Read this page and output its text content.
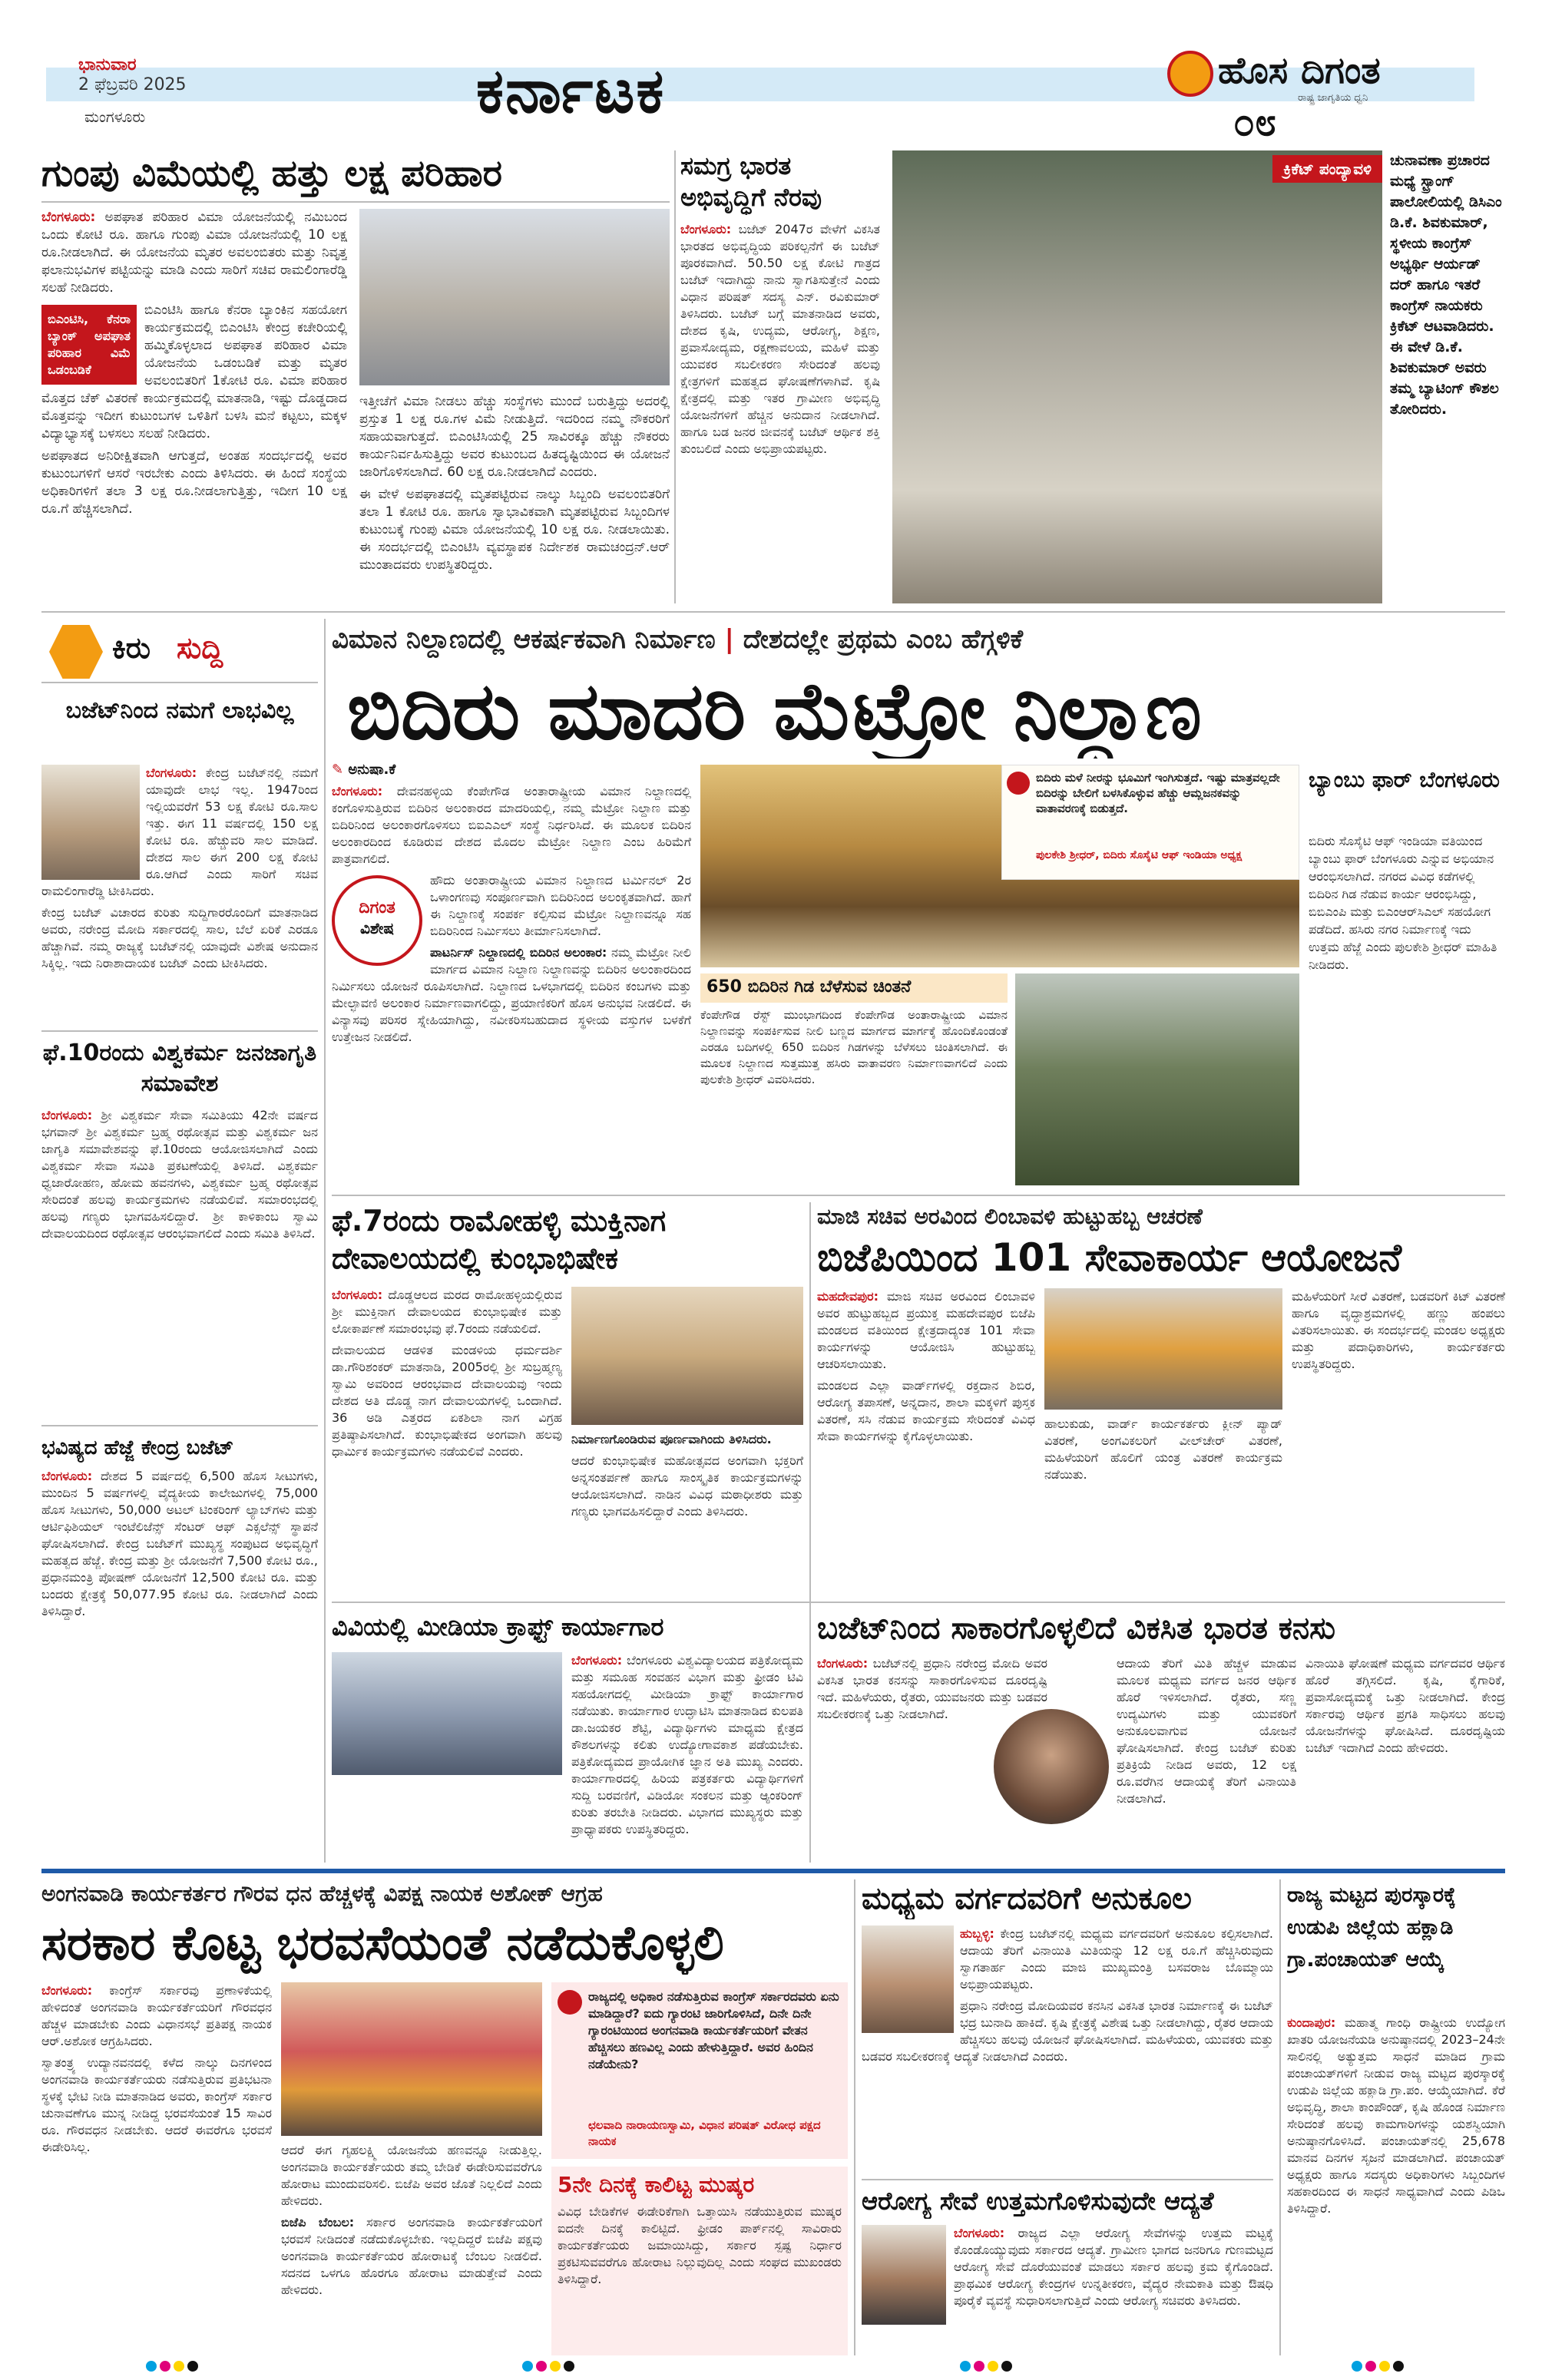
ಭಾನುವಾರ
2 ಫೆಬ್ರವರಿ 2025
ಮಂಗಳೂರು	ಕರ್ನಾಟಕ	ಹೊಸ ದಿಗಂತ
ರಾಷ್ಟ್ರ ಜಾಗೃತಿಯ ಧ್ವನಿ
೦೮
ಗುಂಪು ವಿಮೆಯಲ್ಲಿ ಹತ್ತು ಲಕ್ಷ ಪರಿಹಾರ

ಬೆಂಗಳೂರು: ಅಪಘಾತ ಪರಿಹಾರ ವಿಮಾ ಯೋಜನೆಯಲ್ಲಿ ನಮಿಬಂದ ಒಂದು ಕೋಟಿ ರೂ. ಹಾಗೂ ಗುಂಪು ವಿಮಾ ಯೋಜನೆಯಲ್ಲಿ 10 ಲಕ್ಷ ರೂ.ನೀಡಲಾಗಿದೆ. ಈ ಯೋಜನೆಯ ಮೃತರ ಅವಲಂಬಿತರು ಮತ್ತು ನಿವೃತ್ತ ಫಲಾನುಭವಿಗಳ ಪಟ್ಟಿಯನ್ನು ಮಾಡಿ ಎಂದು ಸಾರಿಗೆ ಸಚಿವ ರಾಮಲಿಂಗಾರೆಡ್ಡಿ ಸಲಹೆ ನೀಡಿದರು.

ಬಿಎಂಟಿಸಿ, ಕೆನರಾ ಬ್ಯಾಂಕ್ ಅಪಘಾತ ಪರಿಹಾರ ವಿಮೆ ಒಡಂಬಡಿಕೆ

ಬಿಎಂಟಿಸಿ ಹಾಗೂ ಕೆನರಾ ಬ್ಯಾಂಕಿನ ಸಹಯೋಗ ಕಾರ್ಯಕ್ರಮದಲ್ಲಿ ಬಿಎಂಟಿಸಿ ಕೇಂದ್ರ ಕಚೇರಿಯಲ್ಲಿ ಹಮ್ಮಿಕೊಳ್ಳಲಾದ ಅಪಘಾತ ಪರಿಹಾರ ವಿಮಾ ಯೋಜನೆಯ ಒಡಂಬಡಿಕೆ ಮತ್ತು ಮೃತರ ಅವಲಂಬಿತರಿಗೆ 1ಕೋಟಿ ರೂ. ವಿಮಾ ಪರಿಹಾರ ಮೊತ್ತದ ಚೆಕ್ ವಿತರಣೆ ಕಾರ್ಯಕ್ರಮದಲ್ಲಿ ಮಾತನಾಡಿ, ಇಷ್ಟು ದೊಡ್ಡದಾದ ಮೊತ್ತವನ್ನು ಇದೀಗ ಕುಟುಂಬಗಳ ಒಳಿತಿಗೆ ಬಳಸಿ ಮನೆ ಕಟ್ಟಲು, ಮಕ್ಕಳ ವಿದ್ಯಾಭ್ಯಾಸಕ್ಕೆ ಬಳಸಲು ಸಲಹೆ ನೀಡಿದರು.

ಅಪಘಾತದ ಅನಿರೀಕ್ಷಿತವಾಗಿ ಆಗುತ್ತದೆ, ಅಂತಹ ಸಂದರ್ಭದಲ್ಲಿ ಅವರ ಕುಟುಂಬಗಳಿಗೆ ಆಸರೆ ಇರಬೇಕು ಎಂದು ತಿಳಿಸಿದರು. ಈ ಹಿಂದೆ ಸಂಸ್ಥೆಯ ಅಧಿಕಾರಿಗಳಿಗೆ ತಲಾ 3 ಲಕ್ಷ ರೂ.ನೀಡಲಾಗುತ್ತಿತ್ತು, ಇದೀಗ 10 ಲಕ್ಷ ರೂ.ಗೆ ಹೆಚ್ಚಿಸಲಾಗಿದೆ.

ಇತ್ತೀಚೆಗೆ ವಿಮಾ ನೀಡಲು ಹೆಚ್ಚು ಸಂಸ್ಥೆಗಳು ಮುಂದೆ ಬರುತ್ತಿದ್ದು ಅದರಲ್ಲಿ ಪ್ರಸ್ತುತ 1 ಲಕ್ಷ ರೂ.ಗಳ ವಿಮೆ ನೀಡುತ್ತಿದೆ. ಇದರಿಂದ ನಮ್ಮ ನೌಕರರಿಗೆ ಸಹಾಯವಾಗುತ್ತದೆ. ಬಿಎಂಟಿಸಿಯಲ್ಲಿ 25 ಸಾವಿರಕ್ಕೂ ಹೆಚ್ಚು ನೌಕರರು ಕಾರ್ಯನಿರ್ವಹಿಸುತ್ತಿದ್ದು ಅವರ ಕುಟುಂಬದ ಹಿತದೃಷ್ಟಿಯಿಂದ ಈ ಯೋಜನೆ ಜಾರಿಗೊಳಿಸಲಾಗಿದೆ. 60 ಲಕ್ಷ ರೂ.ನೀಡಲಾಗಿದೆ ಎಂದರು.

ಈ ವೇಳೆ ಅಪಘಾತದಲ್ಲಿ ಮೃತಪಟ್ಟಿರುವ ನಾಲ್ಕು ಸಿಬ್ಬಂದಿ ಅವಲಂಬಿತರಿಗೆ ತಲಾ 1 ಕೋಟಿ ರೂ. ಹಾಗೂ ಸ್ವಾಭಾವಿಕವಾಗಿ ಮೃತಪಟ್ಟಿರುವ ಸಿಬ್ಬಂದಿಗಳ ಕುಟುಂಬಕ್ಕೆ ಗುಂಪು ವಿಮಾ ಯೋಜನೆಯಲ್ಲಿ 10 ಲಕ್ಷ ರೂ. ನೀಡಲಾಯಿತು. ಈ ಸಂದರ್ಭದಲ್ಲಿ ಬಿಎಂಟಿಸಿ ವ್ಯವಸ್ಥಾಪಕ ನಿರ್ದೇಶಕ ರಾಮಚಂದ್ರನ್.ಆರ್ ಮುಂತಾದವರು ಉಪಸ್ಥಿತರಿದ್ದರು.

ಸಮಗ್ರ ಭಾರತ ಅಭಿವೃದ್ಧಿಗೆ ನೆರವು
ಬೆಂಗಳೂರು: ಬಜೆಟ್ 2047ರ ವೇಳೆಗೆ ವಿಕಸಿತ ಭಾರತದ ಅಭಿವೃದ್ಧಿಯ ಪರಿಕಲ್ಪನೆಗೆ ಈ ಬಜೆಟ್ ಪೂರಕವಾಗಿದೆ. 50.50 ಲಕ್ಷ ಕೋಟಿ ಗಾತ್ರದ ಬಜೆಟ್ ಇದಾಗಿದ್ದು ನಾನು ಸ್ವಾಗತಿಸುತ್ತೇನೆ ಎಂದು ವಿಧಾನ ಪರಿಷತ್ ಸದಸ್ಯ ಎನ್. ರವಿಕುಮಾರ್ ತಿಳಿಸಿದರು. ಬಜೆಟ್ ಬಗ್ಗೆ ಮಾತನಾಡಿದ ಅವರು, ದೇಶದ ಕೃಷಿ, ಉದ್ಯಮ, ಆರೋಗ್ಯ, ಶಿಕ್ಷಣ, ಪ್ರವಾಸೋದ್ಯಮ, ರಕ್ಷಣಾವಲಯ, ಮಹಿಳೆ ಮತ್ತು ಯುವಕರ ಸಬಲೀಕರಣ ಸೇರಿದಂತೆ ಹಲವು ಕ್ಷೇತ್ರಗಳಿಗೆ ಮಹತ್ವದ ಘೋಷಣೆಗಳಾಗಿವೆ. ಕೃಷಿ ಕ್ಷೇತ್ರದಲ್ಲಿ ಮತ್ತು ಇತರ ಗ್ರಾಮೀಣ ಅಭಿವೃದ್ಧಿ ಯೋಜನೆಗಳಿಗೆ ಹೆಚ್ಚಿನ ಅನುದಾನ ನೀಡಲಾಗಿದೆ. ಹಾಗೂ ಬಡ ಜನರ ಜೀವನಕ್ಕೆ ಬಜೆಟ್ ಆರ್ಥಿಕ ಶಕ್ತಿ ತುಂಬಲಿದೆ ಎಂದು ಅಭಿಪ್ರಾಯಪಟ್ಟರು.
ಕ್ರಿಕೆಟ್ ಪಂದ್ಯಾವಳಿ	ಚುನಾವಣಾ ಪ್ರಚಾರದ ಮಧ್ಯೆ ಸ್ಟ್ರಾಂಗ್ ಪಾಲೋಲಿಯಲ್ಲಿ ಡಿಸಿಎಂ ಡಿ.ಕೆ. ಶಿವಕುಮಾರ್, ಸ್ಥಳೀಯ ಕಾಂಗ್ರೆಸ್ ಅಭ್ಯರ್ಥಿ ಆರ್ಯಡ್ ದರ್ ಹಾಗೂ ಇತರೆ ಕಾಂಗ್ರೆಸ್ ನಾಯಕರು ಕ್ರಿಕೆಟ್ ಆಟವಾಡಿದರು. ಈ ವೇಳೆ ಡಿ.ಕೆ. ಶಿವಕುಮಾರ್ ಅವರು ತಮ್ಮ ಬ್ಯಾಟಿಂಗ್ ಕೌಶಲ ತೋರಿದರು.
ಕಿರು ಸುದ್ದಿ
ಬಜೆಟ್‌ನಿಂದ ನಮಗೆ ಲಾಭವಿಲ್ಲ

ಬೆಂಗಳೂರು: ಕೇಂದ್ರ ಬಜೆಟ್‌ನಲ್ಲಿ ನಮಗೆ ಯಾವುದೇ ಲಾಭ ಇಲ್ಲ. 1947ರಿಂದ ಇಲ್ಲಿಯವರೆಗೆ 53 ಲಕ್ಷ ಕೋಟಿ ರೂ.ಸಾಲ ಇತ್ತು. ಈಗ 11 ವರ್ಷದಲ್ಲಿ 150 ಲಕ್ಷ ಕೋಟಿ ರೂ. ಹೆಚ್ಚುವರಿ ಸಾಲ ಮಾಡಿದೆ. ದೇಶದ ಸಾಲ ಈಗ 200 ಲಕ್ಷ ಕೋಟಿ ರೂ.ಆಗಿದೆ ಎಂದು ಸಾರಿಗೆ ಸಚಿವ ರಾಮಲಿಂಗಾರೆಡ್ಡಿ ಟೀಕಿಸಿದರು.

ಕೇಂದ್ರ ಬಜೆಟ್ ವಿಚಾರದ ಕುರಿತು ಸುದ್ದಿಗಾರರೊಂದಿಗೆ ಮಾತನಾಡಿದ ಅವರು, ನರೇಂದ್ರ ಮೋದಿ ಸರ್ಕಾರದಲ್ಲಿ ಸಾಲ, ಬೆಲೆ ಏರಿಕೆ ಎರಡೂ ಹೆಚ್ಚಾಗಿವೆ. ನಮ್ಮ ರಾಜ್ಯಕ್ಕೆ ಬಜೆಟ್‌ನಲ್ಲಿ ಯಾವುದೇ ವಿಶೇಷ ಅನುದಾನ ಸಿಕ್ಕಿಲ್ಲ. ಇದು ನಿರಾಶಾದಾಯಕ ಬಜೆಟ್ ಎಂದು ಟೀಕಿಸಿದರು.

ಫೆ.10ರಂದು ವಿಶ್ವಕರ್ಮ ಜನಜಾಗೃತಿ ಸಮಾವೇಶ
ಬೆಂಗಳೂರು: ಶ್ರೀ ವಿಶ್ವಕರ್ಮ ಸೇವಾ ಸಮಿತಿಯು 42ನೇ ವರ್ಷದ ಭಗವಾನ್ ಶ್ರೀ ವಿಶ್ವಕರ್ಮ ಬ್ರಹ್ಮ ರಥೋತ್ಸವ ಮತ್ತು ವಿಶ್ವಕರ್ಮ ಜನ ಜಾಗೃತಿ ಸಮಾವೇಶವನ್ನು ಫೆ.10ರಂದು ಆಯೋಜಿಸಲಾಗಿದೆ ಎಂದು ವಿಶ್ವಕರ್ಮ ಸೇವಾ ಸಮಿತಿ ಪ್ರಕಟಣೆಯಲ್ಲಿ ತಿಳಿಸಿದೆ. ವಿಶ್ವಕರ್ಮ ಧ್ವಜಾರೋಹಣ, ಹೋಮ ಹವನಗಳು, ವಿಶ್ವಕರ್ಮ ಬ್ರಹ್ಮ ರಥೋತ್ಸವ ಸೇರಿದಂತೆ ಹಲವು ಕಾರ್ಯಕ್ರಮಗಳು ನಡೆಯಲಿವೆ. ಸಮಾರಂಭದಲ್ಲಿ ಹಲವು ಗಣ್ಯರು ಭಾಗವಹಿಸಲಿದ್ದಾರೆ. ಶ್ರೀ ಕಾಳಿಕಾಂಬ ಸ್ವಾಮಿ ದೇವಾಲಯದಿಂದ ರಥೋತ್ಸವ ಆರಂಭವಾಗಲಿದೆ ಎಂದು ಸಮಿತಿ ತಿಳಿಸಿದೆ.
ಭವಿಷ್ಯದ ಹೆಜ್ಜೆ ಕೇಂದ್ರ ಬಜೆಟ್
ಬೆಂಗಳೂರು: ದೇಶದ 5 ವರ್ಷದಲ್ಲಿ 6,500 ಹೊಸ ಸೀಟುಗಳು, ಮುಂದಿನ 5 ವರ್ಷಗಳಲ್ಲಿ ವೈದ್ಯಕೀಯ ಕಾಲೇಜುಗಳಲ್ಲಿ 75,000 ಹೊಸ ಸೀಟುಗಳು, 50,000 ಅಟಲ್ ಟಿಂಕರಿಂಗ್ ಲ್ಯಾಬ್‌ಗಳು ಮತ್ತು ಆರ್ಟಿಫಿಶಿಯಲ್ ಇಂಟೆಲಿಜೆನ್ಸ್ ಸೆಂಟರ್ ಆಫ್ ಎಕ್ಸಲೆನ್ಸ್ ಸ್ಥಾಪನೆ ಘೋಷಿಸಲಾಗಿದೆ. ಕೇಂದ್ರ ಬಜೆಟ್‌ಗೆ ಮುಖ್ಯಸ್ಥ ಸಂಪುಟದ ಅಭಿವೃದ್ಧಿಗೆ ಮಹತ್ವದ ಹೆಜ್ಜೆ. ಕೇಂದ್ರ ಮತ್ತು ಶ್ರೀ ಯೋಜನೆಗೆ 7,500 ಕೋಟಿ ರೂ., ಪ್ರಧಾನಮಂತ್ರಿ ಪೋಷಣ್ ಯೋಜನೆಗೆ 12,500 ಕೋಟಿ ರೂ. ಮತ್ತು ಬಂದರು ಕ್ಷೇತ್ರಕ್ಕೆ 50,077.95 ಕೋಟಿ ರೂ. ನೀಡಲಾಗಿದೆ ಎಂದು ತಿಳಿಸಿದ್ದಾರೆ.
ವಿಮಾನ ನಿಲ್ದಾಣದಲ್ಲಿ ಆಕರ್ಷಕವಾಗಿ ನಿರ್ಮಾಣ | ದೇಶದಲ್ಲೇ ಪ್ರಥಮ ಎಂಬ ಹೆಗ್ಗಳಿಕೆ
ಬಿದಿರು ಮಾದರಿ ಮೆಟ್ರೋ ನಿಲ್ದಾಣ
✎ ಅನುಷಾ.ಕೆ

ಬೆಂಗಳೂರು: ದೇವನಹಳ್ಳಿಯ ಕೆಂಪೇಗೌಡ ಅಂತಾರಾಷ್ಟ್ರೀಯ ವಿಮಾನ ನಿಲ್ದಾಣದಲ್ಲಿ ಕಂಗೊಳಿಸುತ್ತಿರುವ ಬಿದಿರಿನ ಅಲಂಕಾರದ ಮಾದರಿಯಲ್ಲಿ, ನಮ್ಮ ಮೆಟ್ರೋ ನಿಲ್ದಾಣ ಮತ್ತು ಬಿದಿರಿನಿಂದ ಅಲಂಕಾರಗೊಳಿಸಲು ಬಿಐಎಎಲ್ ಸಂಸ್ಥೆ ನಿರ್ಧರಿಸಿದೆ. ಈ ಮೂಲಕ ಬಿದಿರಿನ ಅಲಂಕಾರದಿಂದ ಕೂಡಿರುವ ದೇಶದ ಮೊದಲ ಮೆಟ್ರೋ ನಿಲ್ದಾಣ ಎಂಬ ಹಿರಿಮೆಗೆ ಪಾತ್ರವಾಗಲಿದೆ.

ದಿಗಂತ
ವಿಶೇಷ

ಹೌದು ಅಂತಾರಾಷ್ಟ್ರೀಯ ವಿಮಾನ ನಿಲ್ದಾಣದ ಟರ್ಮಿನಲ್ 2ರ ಒಳಾಂಗಣವು ಸಂಪೂರ್ಣವಾಗಿ ಬಿದಿರಿನಿಂದ ಅಲಂಕೃತವಾಗಿದೆ. ಹಾಗೆ ಈ ನಿಲ್ದಾಣಕ್ಕೆ ಸಂಪರ್ಕ ಕಲ್ಪಿಸುವ ಮೆಟ್ರೋ ನಿಲ್ದಾಣವನ್ನೂ ಸಹ ಬಿದಿರಿನಿಂದ ನಿರ್ಮಿಸಲು ತೀರ್ಮಾನಿಸಲಾಗಿದೆ.

ಪಾಟರ್ನಿಸ್ ನಿಲ್ದಾಣದಲ್ಲಿ ಬಿದಿರಿನ ಅಲಂಕಾರ: ನಮ್ಮ ಮೆಟ್ರೋ ನೀಲಿ ಮಾರ್ಗದ ವಿಮಾನ ನಿಲ್ದಾಣ ನಿಲ್ದಾಣವನ್ನು ಬಿದಿರಿನ ಅಲಂಕಾರದಿಂದ ನಿರ್ಮಿಸಲು ಯೋಜನೆ ರೂಪಿಸಲಾಗಿದೆ. ನಿಲ್ದಾಣದ ಒಳಭಾಗದಲ್ಲಿ ಬಿದಿರಿನ ಕಂಬಗಳು ಮತ್ತು ಮೇಲ್ಛಾವಣಿ ಅಲಂಕಾರ ನಿರ್ಮಾಣವಾಗಲಿದ್ದು, ಪ್ರಯಾಣಿಕರಿಗೆ ಹೊಸ ಅನುಭವ ನೀಡಲಿದೆ. ಈ ವಿನ್ಯಾಸವು ಪರಿಸರ ಸ್ನೇಹಿಯಾಗಿದ್ದು, ನವೀಕರಿಸಬಹುದಾದ ಸ್ಥಳೀಯ ವಸ್ತುಗಳ ಬಳಕೆಗೆ ಉತ್ತೇಜನ ನೀಡಲಿದೆ.

ಬಿದಿರು ಮಳೆ ನೀರನ್ನು ಭೂಮಿಗೆ ಇಂಗಿಸುತ್ತದೆ. ಇಷ್ಟು ಮಾತ್ರವಲ್ಲದೇ ಬಿದಿರನ್ನು ಬೇಲಿಗೆ ಬಳಸಿಕೊಳ್ಳುವ ಹೆಚ್ಚು ಆಮ್ಲಜನಕವನ್ನು ವಾತಾವರಣಕ್ಕೆ ಬಿಡುತ್ತದೆ.
ಪುಲಕೇಶಿ ಶ್ರೀಧರ್, ಬಿದಿರು ಸೊಸೈಟಿ ಆಫ್ ಇಂಡಿಯಾ ಅಧ್ಯಕ್ಷ
650 ಬಿದಿರಿನ ಗಿಡ ಬೆಳೆಸುವ ಚಿಂತನೆ
ಕೆಂಪೇಗೌಡ ರೆಸ್ಟ್ ಮುಂಭಾಗದಿಂದ ಕೆಂಪೇಗೌಡ ಅಂತಾರಾಷ್ಟ್ರೀಯ ವಿಮಾನ ನಿಲ್ದಾಣವನ್ನು ಸಂಪರ್ಕಿಸುವ ನೀಲಿ ಬಣ್ಣದ ಮಾರ್ಗದ ಮಾರ್ಗಕ್ಕೆ ಹೊಂದಿಕೊಂಡಂತೆ ಎರಡೂ ಬದಿಗಳಲ್ಲಿ 650 ಬಿದಿರಿನ ಗಿಡಗಳನ್ನು ಬೆಳೆಸಲು ಚಿಂತಿಸಲಾಗಿದೆ. ಈ ಮೂಲಕ ನಿಲ್ದಾಣದ ಸುತ್ತಮುತ್ತ ಹಸಿರು ವಾತಾವರಣ ನಿರ್ಮಾಣವಾಗಲಿದೆ ಎಂದು ಪುಲಕೇಶಿ ಶ್ರೀಧರ್ ವಿವರಿಸಿದರು.
ಬ್ಯಾಂಬು ಫಾರ್ ಬೆಂಗಳೂರು
ಬಿದಿರು ಸೊಸೈಟಿ ಆಫ್ ಇಂಡಿಯಾ ವತಿಯಿಂದ ಬ್ಯಾಂಬು ಫಾರ್ ಬೆಂಗಳೂರು ಎನ್ನುವ ಅಭಿಯಾನ ಆರಂಭಿಸಲಾಗಿದೆ. ನಗರದ ವಿವಿಧ ಕಡೆಗಳಲ್ಲಿ ಬಿದಿರಿನ ಗಿಡ ನೆಡುವ ಕಾರ್ಯ ಆರಂಭಿಸಿದ್ದು, ಬಿಬಿಎಂಪಿ ಮತ್ತು ಬಿಎಂಆರ್‌ಸಿಎಲ್ ಸಹಯೋಗ ಪಡೆದಿದೆ. ಹಸಿರು ನಗರ ನಿರ್ಮಾಣಕ್ಕೆ ಇದು ಉತ್ತಮ ಹೆಜ್ಜೆ ಎಂದು ಪುಲಕೇಶಿ ಶ್ರೀಧರ್ ಮಾಹಿತಿ ನೀಡಿದರು.
ಫೆ.7ರಂದು ರಾಮೋಹಳ್ಳಿ ಮುಕ್ತಿನಾಗ ದೇವಾಲಯದಲ್ಲಿ ಕುಂಭಾಭಿಷೇಕ

ಬೆಂಗಳೂರು: ದೊಡ್ಡಆಲದ ಮರದ ರಾಮೋಹಳ್ಳಿಯಲ್ಲಿರುವ ಶ್ರೀ ಮುಕ್ತಿನಾಗ ದೇವಾಲಯದ ಕುಂಭಾಭಿಷೇಕ ಮತ್ತು ಲೋಕಾರ್ಪಣೆ ಸಮಾರಂಭವು ಫೆ.7ರಂದು ನಡೆಯಲಿದೆ.

ದೇವಾಲಯದ ಆಡಳಿತ ಮಂಡಳಿಯ ಧರ್ಮದರ್ಶಿ ಡಾ.ಗೌರಿಶಂಕರ್ ಮಾತನಾಡಿ, 2005ರಲ್ಲಿ ಶ್ರೀ ಸುಬ್ರಹ್ಮಣ್ಯ ಸ್ವಾಮಿ ಅವರಿಂದ ಆರಂಭವಾದ ದೇವಾಲಯವು ಇಂದು ದೇಶದ ಅತಿ ದೊಡ್ಡ ನಾಗ ದೇವಾಲಯಗಳಲ್ಲಿ ಒಂದಾಗಿದೆ. 36 ಅಡಿ ಎತ್ತರದ ಏಕಶಿಲಾ ನಾಗ ವಿಗ್ರಹ ಪ್ರತಿಷ್ಠಾಪಿಸಲಾಗಿದೆ. ಕುಂಭಾಭಿಷೇಕದ ಅಂಗವಾಗಿ ಹಲವು ಧಾರ್ಮಿಕ ಕಾರ್ಯಕ್ರಮಗಳು ನಡೆಯಲಿವೆ ಎಂದರು.

ನಿರ್ಮಾಣಗೊಂಡಿರುವ ಪೂರ್ಣವಾಗಿಂದು ತಿಳಿಸಿದರು.

ಆದರೆ ಕುಂಭಾಭಿಷೇಕ ಮಹೋತ್ಸವದ ಅಂಗವಾಗಿ ಭಕ್ತರಿಗೆ ಅನ್ನಸಂತರ್ಪಣೆ ಹಾಗೂ ಸಾಂಸ್ಕೃತಿಕ ಕಾರ್ಯಕ್ರಮಗಳನ್ನು ಆಯೋಜಿಸಲಾಗಿದೆ. ನಾಡಿನ ವಿವಿಧ ಮಠಾಧೀಶರು ಮತ್ತು ಗಣ್ಯರು ಭಾಗವಹಿಸಲಿದ್ದಾರೆ ಎಂದು ತಿಳಿಸಿದರು.

ಮಾಜಿ ಸಚಿವ ಅರವಿಂದ ಲಿಂಬಾವಳಿ ಹುಟ್ಟುಹಬ್ಬ ಆಚರಣೆ
ಬಿಜೆಪಿಯಿಂದ 101 ಸೇವಾಕಾರ್ಯ ಆಯೋಜನೆ

ಮಹದೇವಪುರ: ಮಾಜಿ ಸಚಿವ ಅರವಿಂದ ಲಿಂಬಾವಳಿ ಅವರ ಹುಟ್ಟುಹಬ್ಬದ ಪ್ರಯುಕ್ತ ಮಹದೇವಪುರ ಬಿಜೆಪಿ ಮಂಡಲದ ವತಿಯಿಂದ ಕ್ಷೇತ್ರದಾದ್ಯಂತ 101 ಸೇವಾ ಕಾರ್ಯಗಳನ್ನು ಆಯೋಜಿಸಿ ಹುಟ್ಟುಹಬ್ಬ ಆಚರಿಸಲಾಯಿತು.

ಮಂಡಲದ ಎಲ್ಲಾ ವಾರ್ಡ್‌ಗಳಲ್ಲಿ ರಕ್ತದಾನ ಶಿಬಿರ, ಆರೋಗ್ಯ ತಪಾಸಣೆ, ಅನ್ನದಾನ, ಶಾಲಾ ಮಕ್ಕಳಿಗೆ ಪುಸ್ತಕ ವಿತರಣೆ, ಸಸಿ ನೆಡುವ ಕಾರ್ಯಕ್ರಮ ಸೇರಿದಂತೆ ವಿವಿಧ ಸೇವಾ ಕಾರ್ಯಗಳನ್ನು ಕೈಗೊಳ್ಳಲಾಯಿತು.

ಹಾಲುಕುಡು, ವಾರ್ಡ್ ಕಾರ್ಯಕರ್ತರು ಕ್ಲೀನ್ ಪ್ಯಾಡ್ ವಿತರಣೆ, ಅಂಗವಿಕಲರಿಗೆ ವೀಲ್‌ಚೇರ್ ವಿತರಣೆ, ಮಹಿಳೆಯರಿಗೆ ಹೊಲಿಗೆ ಯಂತ್ರ ವಿತರಣೆ ಕಾರ್ಯಕ್ರಮ ನಡೆಯಿತು.
ಮಹಿಳೆಯರಿಗೆ ಸೀರೆ ವಿತರಣೆ, ಬಡವರಿಗೆ ಕಿಟ್ ವಿತರಣೆ ಹಾಗೂ ವೃದ್ಧಾಶ್ರಮಗಳಲ್ಲಿ ಹಣ್ಣು ಹಂಪಲು ವಿತರಿಸಲಾಯಿತು. ಈ ಸಂದರ್ಭದಲ್ಲಿ ಮಂಡಲ ಅಧ್ಯಕ್ಷರು ಮತ್ತು ಪದಾಧಿಕಾರಿಗಳು, ಕಾರ್ಯಕರ್ತರು ಉಪಸ್ಥಿತರಿದ್ದರು.
ವಿವಿಯಲ್ಲಿ ಮೀಡಿಯಾ ಕ್ರಾಫ್ಟ್ ಕಾರ್ಯಾಗಾರ
ಬೆಂಗಳೂರು: ಬೆಂಗಳೂರು ವಿಶ್ವವಿದ್ಯಾಲಯದ ಪತ್ರಿಕೋದ್ಯಮ ಮತ್ತು ಸಮೂಹ ಸಂವಹನ ವಿಭಾಗ ಮತ್ತು ಫ್ರೀಡಂ ಟಿವಿ ಸಹಯೋಗದಲ್ಲಿ ಮೀಡಿಯಾ ಕ್ರಾಫ್ಟ್ ಕಾರ್ಯಾಗಾರ ನಡೆಯಿತು. ಕಾರ್ಯಾಗಾರ ಉದ್ಘಾಟಿಸಿ ಮಾತನಾಡಿದ ಕುಲಪತಿ ಡಾ.ಜಯಕರ ಶೆಟ್ಟಿ, ವಿದ್ಯಾರ್ಥಿಗಳು ಮಾಧ್ಯಮ ಕ್ಷೇತ್ರದ ಕೌಶಲಗಳನ್ನು ಕಲಿತು ಉದ್ಯೋಗಾವಕಾಶ ಪಡೆಯಬೇಕು. ಪತ್ರಿಕೋದ್ಯಮದ ಪ್ರಾಯೋಗಿಕ ಜ್ಞಾನ ಅತಿ ಮುಖ್ಯ ಎಂದರು. ಕಾರ್ಯಾಗಾರದಲ್ಲಿ ಹಿರಿಯ ಪತ್ರಕರ್ತರು ವಿದ್ಯಾರ್ಥಿಗಳಿಗೆ ಸುದ್ದಿ ಬರವಣಿಗೆ, ವಿಡಿಯೋ ಸಂಕಲನ ಮತ್ತು ಆ್ಯಂಕರಿಂಗ್ ಕುರಿತು ತರಬೇತಿ ನೀಡಿದರು. ವಿಭಾಗದ ಮುಖ್ಯಸ್ಥರು ಮತ್ತು ಪ್ರಾಧ್ಯಾಪಕರು ಉಪಸ್ಥಿತರಿದ್ದರು.
ಬಜೆಟ್‌ನಿಂದ ಸಾಕಾರಗೊಳ್ಳಲಿದೆ ವಿಕಸಿತ ಭಾರತ ಕನಸು
ಬೆಂಗಳೂರು: ಬಜೆಟ್‌ನಲ್ಲಿ ಪ್ರಧಾನಿ ನರೇಂದ್ರ ಮೋದಿ ಅವರ ವಿಕಸಿತ ಭಾರತ ಕನಸನ್ನು ಸಾಕಾರಗೊಳಿಸುವ ದೂರದೃಷ್ಟಿ ಇದೆ. ಮಹಿಳೆಯರು, ರೈತರು, ಯುವಜನರು ಮತ್ತು ಬಡವರ ಸಬಲೀಕರಣಕ್ಕೆ ಒತ್ತು ನೀಡಲಾಗಿದೆ.
ಆದಾಯ ತೆರಿಗೆ ಮಿತಿ ಹೆಚ್ಚಳ ಮಾಡುವ ಮೂಲಕ ಮಧ್ಯಮ ವರ್ಗದ ಜನರ ಆರ್ಥಿಕ ಹೊರೆ ಇಳಿಸಲಾಗಿದೆ. ರೈತರು, ಸಣ್ಣ ಉದ್ಯಮಿಗಳು ಮತ್ತು ಯುವಕರಿಗೆ ಅನುಕೂಲವಾಗುವ ಯೋಜನೆ ಘೋಷಿಸಲಾಗಿದೆ. ಕೇಂದ್ರ ಬಜೆಟ್ ಕುರಿತು ಪ್ರತಿಕ್ರಿಯೆ ನೀಡಿದ ಅವರು, 12 ಲಕ್ಷ ರೂ.ವರೆಗಿನ ಆದಾಯಕ್ಕೆ ತೆರಿಗೆ ವಿನಾಯಿತಿ ನೀಡಲಾಗಿದೆ.
ವಿನಾಯಿತಿ ಘೋಷಣೆ ಮಧ್ಯಮ ವರ್ಗದವರ ಆರ್ಥಿಕ ಹೊರೆ ತಗ್ಗಿಸಲಿದೆ. ಕೃಷಿ, ಕೈಗಾರಿಕೆ, ಪ್ರವಾಸೋದ್ಯಮಕ್ಕೆ ಒತ್ತು ನೀಡಲಾಗಿದೆ. ಕೇಂದ್ರ ಸರ್ಕಾರವು ಆರ್ಥಿಕ ಪ್ರಗತಿ ಸಾಧಿಸಲು ಹಲವು ಯೋಜನೆಗಳನ್ನು ಘೋಷಿಸಿದೆ. ದೂರದೃಷ್ಟಿಯ ಬಜೆಟ್ ಇದಾಗಿದೆ ಎಂದು ಹೇಳಿದರು.
ಅಂಗನವಾಡಿ ಕಾರ್ಯಕರ್ತರ ಗೌರವ ಧನ ಹೆಚ್ಚಳಕ್ಕೆ ವಿಪಕ್ಷ ನಾಯಕ ಅಶೋಕ್ ಆಗ್ರಹ
ಸರಕಾರ ಕೊಟ್ಟ ಭರವಸೆಯಂತೆ ನಡೆದುಕೊಳ್ಳಲಿ

ಬೆಂಗಳೂರು: ಕಾಂಗ್ರೆಸ್ ಸರ್ಕಾರವು ಪ್ರಣಾಳಿಕೆಯಲ್ಲಿ ಹೇಳಿದಂತೆ ಅಂಗನವಾಡಿ ಕಾರ್ಯಕರ್ತೆಯರಿಗೆ ಗೌರವಧನ ಹೆಚ್ಚಳ ಮಾಡಬೇಕು ಎಂದು ವಿಧಾನಸಭೆ ಪ್ರತಿಪಕ್ಷ ನಾಯಕ ಆರ್.ಅಶೋಕ ಆಗ್ರಹಿಸಿದರು.

ಸ್ವಾತಂತ್ರ್ಯ ಉದ್ಯಾನವನದಲ್ಲಿ ಕಳೆದ ನಾಲ್ಕು ದಿನಗಳಿಂದ ಅಂಗನವಾಡಿ ಕಾರ್ಯಕರ್ತೆಯರು ನಡೆಸುತ್ತಿರುವ ಪ್ರತಿಭಟನಾ ಸ್ಥಳಕ್ಕೆ ಭೇಟಿ ನೀಡಿ ಮಾತನಾಡಿದ ಅವರು, ಕಾಂಗ್ರೆಸ್ ಸರ್ಕಾರ ಚುನಾವಣೆಗೂ ಮುನ್ನ ನೀಡಿದ್ದ ಭರವಸೆಯಂತೆ 15 ಸಾವಿರ ರೂ. ಗೌರವಧನ ನೀಡಬೇಕು. ಆದರೆ ಈವರೆಗೂ ಭರವಸೆ ಈಡೇರಿಸಿಲ್ಲ.	ಆದರೆ ಈಗ ಗೃಹಲಕ್ಷ್ಮಿ ಯೋಜನೆಯ ಹಣವನ್ನೂ ನೀಡುತ್ತಿಲ್ಲ. ಅಂಗನವಾಡಿ ಕಾರ್ಯಕರ್ತೆಯರು ತಮ್ಮ ಬೇಡಿಕೆ ಈಡೇರಿಸುವವರೆಗೂ ಹೋರಾಟ ಮುಂದುವರಿಸಲಿ. ಬಿಜೆಪಿ ಅವರ ಜೊತೆ ನಿಲ್ಲಲಿದೆ ಎಂದು ಹೇಳಿದರು.

ಬಿಜೆಪಿ ಬೆಂಬಲ: ಸರ್ಕಾರ ಅಂಗನವಾಡಿ ಕಾರ್ಯಕರ್ತೆಯರಿಗೆ ಭರವಸೆ ನೀಡಿದಂತೆ ನಡೆದುಕೊಳ್ಳಬೇಕು. ಇಲ್ಲದಿದ್ದರೆ ಬಿಜೆಪಿ ಪಕ್ಷವು ಅಂಗನವಾಡಿ ಕಾರ್ಯಕರ್ತೆಯರ ಹೋರಾಟಕ್ಕೆ ಬೆಂಬಲ ನೀಡಲಿದೆ. ಸದನದ ಒಳಗೂ ಹೊರಗೂ ಹೋರಾಟ ಮಾಡುತ್ತೇವೆ ಎಂದು ಹೇಳಿದರು.

ರಾಜ್ಯದಲ್ಲಿ ಅಧಿಕಾರ ನಡೆಸುತ್ತಿರುವ ಕಾಂಗ್ರೆಸ್ ಸರ್ಕಾರದವರು ಏನು ಮಾಡಿದ್ದಾರೆ? ಐದು ಗ್ಯಾರಂಟಿ ಜಾರಿಗೊಳಿಸಿದೆ, ದಿನೇ ದಿನೇ ಗ್ಯಾರಂಟಿಯಿಂದ ಅಂಗನವಾಡಿ ಕಾರ್ಯಕರ್ತೆಯರಿಗೆ ವೇತನ ಹೆಚ್ಚಿಸಲು ಹಣವಿಲ್ಲ ಎಂದು ಹೇಳುತ್ತಿದ್ದಾರೆ. ಅವರ ಹಿಂದಿನ ನಡೆಯೇನು?
ಛಲವಾದಿ ನಾರಾಯಣಸ್ವಾಮಿ, ವಿಧಾನ ಪರಿಷತ್ ವಿರೋಧ ಪಕ್ಷದ ನಾಯಕ
5ನೇ ದಿನಕ್ಕೆ ಕಾಲಿಟ್ಟ ಮುಷ್ಕರ
ವಿವಿಧ ಬೇಡಿಕೆಗಳ ಈಡೇರಿಕೆಗಾಗಿ ಒತ್ತಾಯಿಸಿ ನಡೆಯುತ್ತಿರುವ ಮುಷ್ಕರ ಐದನೇ ದಿನಕ್ಕೆ ಕಾಲಿಟ್ಟಿದೆ. ಫ್ರೀಡಂ ಪಾರ್ಕ್‌ನಲ್ಲಿ ಸಾವಿರಾರು ಕಾರ್ಯಕರ್ತೆಯರು ಜಮಾಯಿಸಿದ್ದು, ಸರ್ಕಾರ ಸ್ಪಷ್ಟ ನಿರ್ಧಾರ ಪ್ರಕಟಿಸುವವರೆಗೂ ಹೋರಾಟ ನಿಲ್ಲುವುದಿಲ್ಲ ಎಂದು ಸಂಘದ ಮುಖಂಡರು ತಿಳಿಸಿದ್ದಾರೆ.
ಮಧ್ಯಮ ವರ್ಗದವರಿಗೆ ಅನುಕೂಲ

ಹುಬ್ಬಳ್ಳಿ: ಕೇಂದ್ರ ಬಜೆಟ್‌ನಲ್ಲಿ ಮಧ್ಯಮ ವರ್ಗದವರಿಗೆ ಅನುಕೂಲ ಕಲ್ಪಿಸಲಾಗಿದೆ. ಆದಾಯ ತೆರಿಗೆ ವಿನಾಯಿತಿ ಮಿತಿಯನ್ನು 12 ಲಕ್ಷ ರೂ.ಗೆ ಹೆಚ್ಚಿಸಿರುವುದು ಸ್ವಾಗತಾರ್ಹ ಎಂದು ಮಾಜಿ ಮುಖ್ಯಮಂತ್ರಿ ಬಸವರಾಜ ಬೊಮ್ಮಾಯಿ ಅಭಿಪ್ರಾಯಪಟ್ಟರು.

ಪ್ರಧಾನಿ ನರೇಂದ್ರ ಮೋದಿಯವರ ಕನಸಿನ ವಿಕಸಿತ ಭಾರತ ನಿರ್ಮಾಣಕ್ಕೆ ಈ ಬಜೆಟ್ ಭದ್ರ ಬುನಾದಿ ಹಾಕಿದೆ. ಕೃಷಿ ಕ್ಷೇತ್ರಕ್ಕೆ ವಿಶೇಷ ಒತ್ತು ನೀಡಲಾಗಿದ್ದು, ರೈತರ ಆದಾಯ ಹೆಚ್ಚಿಸಲು ಹಲವು ಯೋಜನೆ ಘೋಷಿಸಲಾಗಿದೆ. ಮಹಿಳೆಯರು, ಯುವಕರು ಮತ್ತು ಬಡವರ ಸಬಲೀಕರಣಕ್ಕೆ ಆದ್ಯತೆ ನೀಡಲಾಗಿದೆ ಎಂದರು.

ಆರೋಗ್ಯ ಸೇವೆ ಉತ್ತಮಗೊಳಿಸುವುದೇ ಆದ್ಯತೆ
ಬೆಂಗಳೂರು: ರಾಜ್ಯದ ಎಲ್ಲಾ ಆರೋಗ್ಯ ಸೇವೆಗಳನ್ನು ಉತ್ತಮ ಮಟ್ಟಕ್ಕೆ ಕೊಂಡೊಯ್ಯುವುದು ಸರ್ಕಾರದ ಆದ್ಯತೆ. ಗ್ರಾಮೀಣ ಭಾಗದ ಜನರಿಗೂ ಗುಣಮಟ್ಟದ ಆರೋಗ್ಯ ಸೇವೆ ದೊರೆಯುವಂತೆ ಮಾಡಲು ಸರ್ಕಾರ ಹಲವು ಕ್ರಮ ಕೈಗೊಂಡಿದೆ. ಪ್ರಾಥಮಿಕ ಆರೋಗ್ಯ ಕೇಂದ್ರಗಳ ಉನ್ನತೀಕರಣ, ವೈದ್ಯರ ನೇಮಕಾತಿ ಮತ್ತು ಔಷಧಿ ಪೂರೈಕೆ ವ್ಯವಸ್ಥೆ ಸುಧಾರಿಸಲಾಗುತ್ತಿದೆ ಎಂದು ಆರೋಗ್ಯ ಸಚಿವರು ತಿಳಿಸಿದರು.
ರಾಜ್ಯ ಮಟ್ಟದ ಪುರಸ್ಕಾರಕ್ಕೆ ಉಡುಪಿ ಜಿಲ್ಲೆಯ ಹಕ್ಲಾಡಿ ಗ್ರಾ.ಪಂಚಾಯತ್ ಆಯ್ಕೆ
ಕುಂದಾಪುರ: ಮಹಾತ್ಮ ಗಾಂಧಿ ರಾಷ್ಟ್ರೀಯ ಉದ್ಯೋಗ ಖಾತರಿ ಯೋಜನೆಯಡಿ ಅನುಷ್ಠಾನದಲ್ಲಿ 2023–24ನೇ ಸಾಲಿನಲ್ಲಿ ಅತ್ಯುತ್ತಮ ಸಾಧನೆ ಮಾಡಿದ ಗ್ರಾಮ ಪಂಚಾಯತ್‌ಗಳಿಗೆ ನೀಡುವ ರಾಜ್ಯ ಮಟ್ಟದ ಪುರಸ್ಕಾರಕ್ಕೆ ಉಡುಪಿ ಜಿಲ್ಲೆಯ ಹಕ್ಲಾಡಿ ಗ್ರಾ.ಪಂ. ಆಯ್ಕೆಯಾಗಿದೆ. ಕೆರೆ ಅಭಿವೃದ್ಧಿ, ಶಾಲಾ ಕಾಂಪೌಂಡ್, ಕೃಷಿ ಹೊಂಡ ನಿರ್ಮಾಣ ಸೇರಿದಂತೆ ಹಲವು ಕಾಮಗಾರಿಗಳನ್ನು ಯಶಸ್ವಿಯಾಗಿ ಅನುಷ್ಠಾನಗೊಳಿಸಿದೆ. ಪಂಚಾಯತ್‌ನಲ್ಲಿ 25,678 ಮಾನವ ದಿನಗಳ ಸೃಜನೆ ಮಾಡಲಾಗಿದೆ. ಪಂಚಾಯತ್ ಅಧ್ಯಕ್ಷರು ಹಾಗೂ ಸದಸ್ಯರು ಅಧಿಕಾರಿಗಳು ಸಿಬ್ಬಂದಿಗಳ ಸಹಕಾರದಿಂದ ಈ ಸಾಧನೆ ಸಾಧ್ಯವಾಗಿದೆ ಎಂದು ಪಿಡಿಒ ತಿಳಿಸಿದ್ದಾರೆ.
